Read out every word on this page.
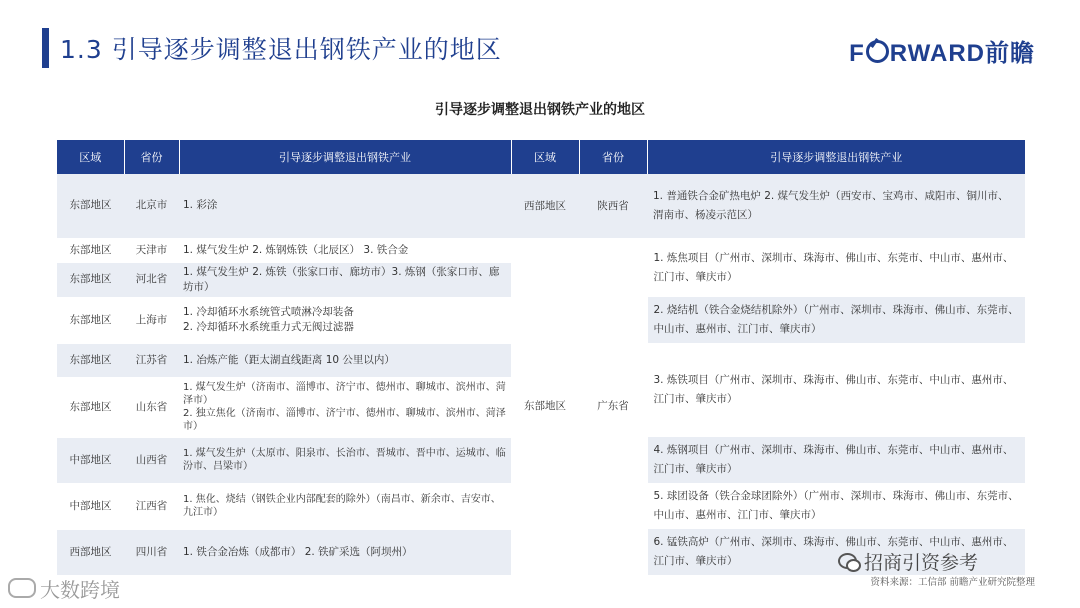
1.3 引导逐步调整退出钢铁产业的地区	F RWARD前瞻
引导逐步调整退出钢铁产业的地区
区域	省份	引导逐步调整退出钢铁产业	区域	省份	引导逐步调整退出钢铁产业
东部地区	北京市	1. 彩涂	西部地区	陕西省	1. 普通铁合金矿热电炉 2. 煤气发生炉（西安市、宝鸡市、咸阳市、铜川市、渭南市、杨凌示范区）
东部地区	天津市	1. 煤气发生炉 2. 炼钢炼铁（北辰区） 3. 铁合金	东部地区	广东省	1. 炼焦项目（广州市、深圳市、珠海市、佛山市、东莞市、中山市、惠州市、江门市、肇庆市）
东部地区	河北省	1. 煤气发生炉 2. 炼铁（张家口市、廊坊市）3. 炼钢（张家口市、廊坊市）			
东部地区	上海市	1. 冷却循环水系统管式喷淋冷却装备
2. 冷却循环水系统重力式无阀过滤器			2. 烧结机（铁合金烧结机除外）（广州市、深圳市、珠海市、佛山市、东莞市、中山市、惠州市、江门市、肇庆市）
东部地区	江苏省	1. 冶炼产能（距太湖直线距离 10 公里以内）			3. 炼铁项目（广州市、深圳市、珠海市、佛山市、东莞市、中山市、惠州市、江门市、肇庆市）
东部地区	山东省	1. 煤气发生炉（济南市、淄博市、济宁市、德州市、聊城市、滨州市、菏泽市）
2. 独立焦化（济南市、淄博市、济宁市、德州市、聊城市、滨州市、菏泽市）			
中部地区	山西省	1. 煤气发生炉（太原市、阳泉市、长治市、晋城市、晋中市、运城市、临汾市、吕梁市）			4. 炼钢项目（广州市、深圳市、珠海市、佛山市、东莞市、中山市、惠州市、江门市、肇庆市）
中部地区	江西省	1. 焦化、烧结（钢铁企业内部配套的除外）（南昌市、新余市、吉安市、九江市）			5. 球团设备（铁合金球团除外）（广州市、深圳市、珠海市、佛山市、东莞市、中山市、惠州市、江门市、肇庆市）
西部地区	四川省	1. 铁合金冶炼（成都市） 2. 铁矿采选（阿坝州）			6. 锰铁高炉（广州市、深圳市、珠海市、佛山市、东莞市、中山市、惠州市、江门市、肇庆市）	招商引资参考
资料来源：工信部 前瞻产业研究院整理
大数跨境
